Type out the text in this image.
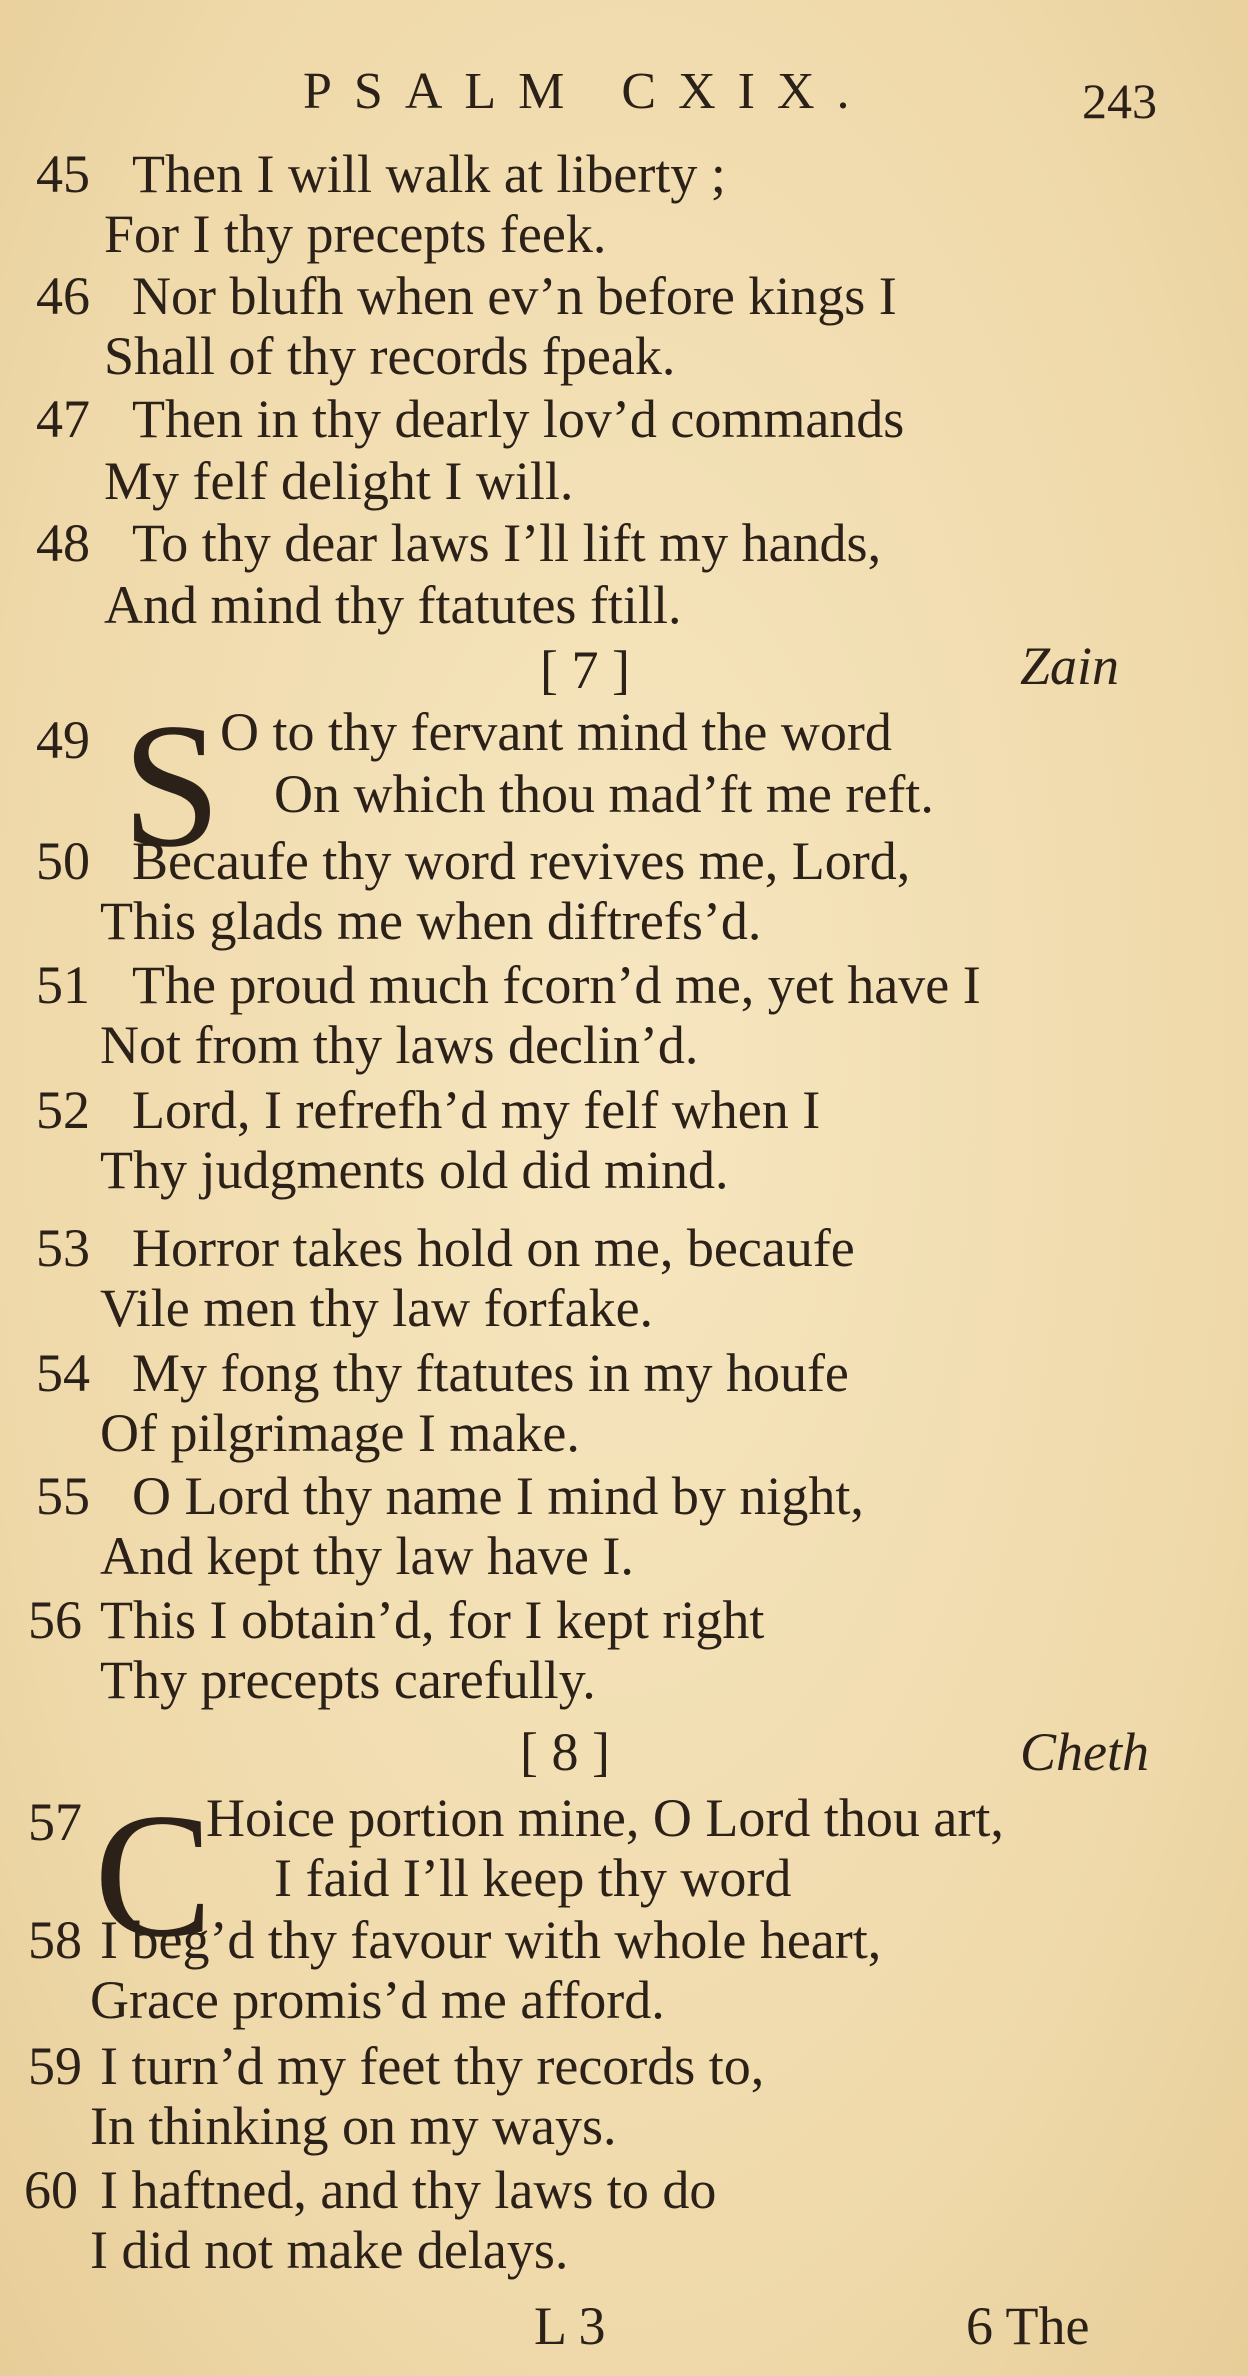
PSALM CXIX.	243
45 Then I will walk at liberty ;
For I thy precepts feek.
46 Nor blufh when ev’n before kings I
Shall of thy records fpeak.
47 Then in thy dearly lov’d commands
My felf delight I will.
48 To thy dear laws I’ll lift my hands,
And mind thy ftatutes ftill.
[ 7 ]	Zain
49 S O to thy fervant mind the word
On which thou mad’ft me reft.
50 Becaufe thy word revives me, Lord,
This glads me when diftrefs’d.
51 The proud much fcorn’d me, yet have I
Not from thy laws declin’d.
52 Lord, I refrefh’d my felf when I
Thy judgments old did mind.
53 Horror takes hold on me, becaufe
Vile men thy law forfake.
54 My fong thy ftatutes in my houfe
Of pilgrimage I make.
55 O Lord thy name I mind by night,
And kept thy law have I.
56 This I obtain’d, for I kept right
Thy precepts carefully.
[ 8 ]	Cheth
57 C
Hoice portion mine, O Lord thou art,
I faid I’ll keep thy word
58 I beg’d thy favour with whole heart,
Grace promis’d me afford.
59 I turn’d my feet thy records to,
In thinking on my ways.
60 I haftned, and thy laws to do
I did not make delays.
L 3	6 The
